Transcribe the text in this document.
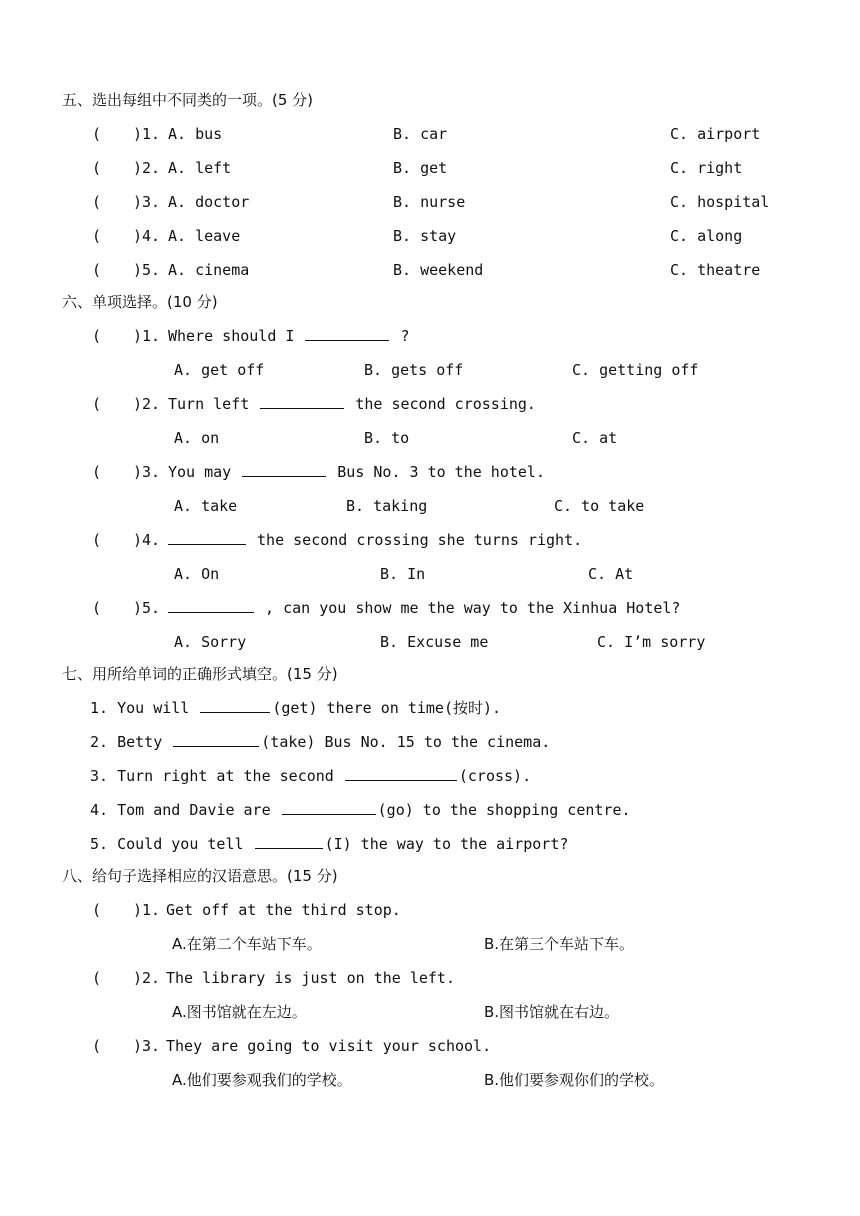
五、选出每组中不同类的一项。(5 分)
( )1. A. bus	B. car	C. airport
( )2. A. left	B. get	C. right
( )3. A. doctor	B. nurse	C. hospital
( )4. A. leave	B. stay	C. along
( )5. A. cinema	B. weekend	C. theatre
六、单项选择。(10 分)
( )1. Where should I	?
A. get off	B. gets off	C. getting off
( )2. Turn left	the second crossing.
A. on	B. to	C. at
( )3. You may	Bus No. 3 to the hotel.
A. take	B. taking	C. to take
( )4.	the second crossing she turns right.
A. On	B. In	C. At
( )5.	, can you show me the way to the Xinhua Hotel?
A. Sorry	B. Excuse me	C. I’m sorry
七、用所给单词的正确形式填空。(15 分)
1. You will	(get) there on time(按时).
2. Betty	(take) Bus No. 15 to the cinema.
3. Turn right at the second	(cross).
4. Tom and Davie are	(go) to the shopping centre.
5. Could you tell	(I) the way to the airport?
八、给句子选择相应的汉语意思。(15 分)
( )1. Get off at the third stop.
A.在第二个车站下车。	B.在第三个车站下车。
( )2. The library is just on the left.
A.图书馆就在左边。	B.图书馆就在右边。
( )3. They are going to visit your school.
A.他们要参观我们的学校。	B.他们要参观你们的学校。
